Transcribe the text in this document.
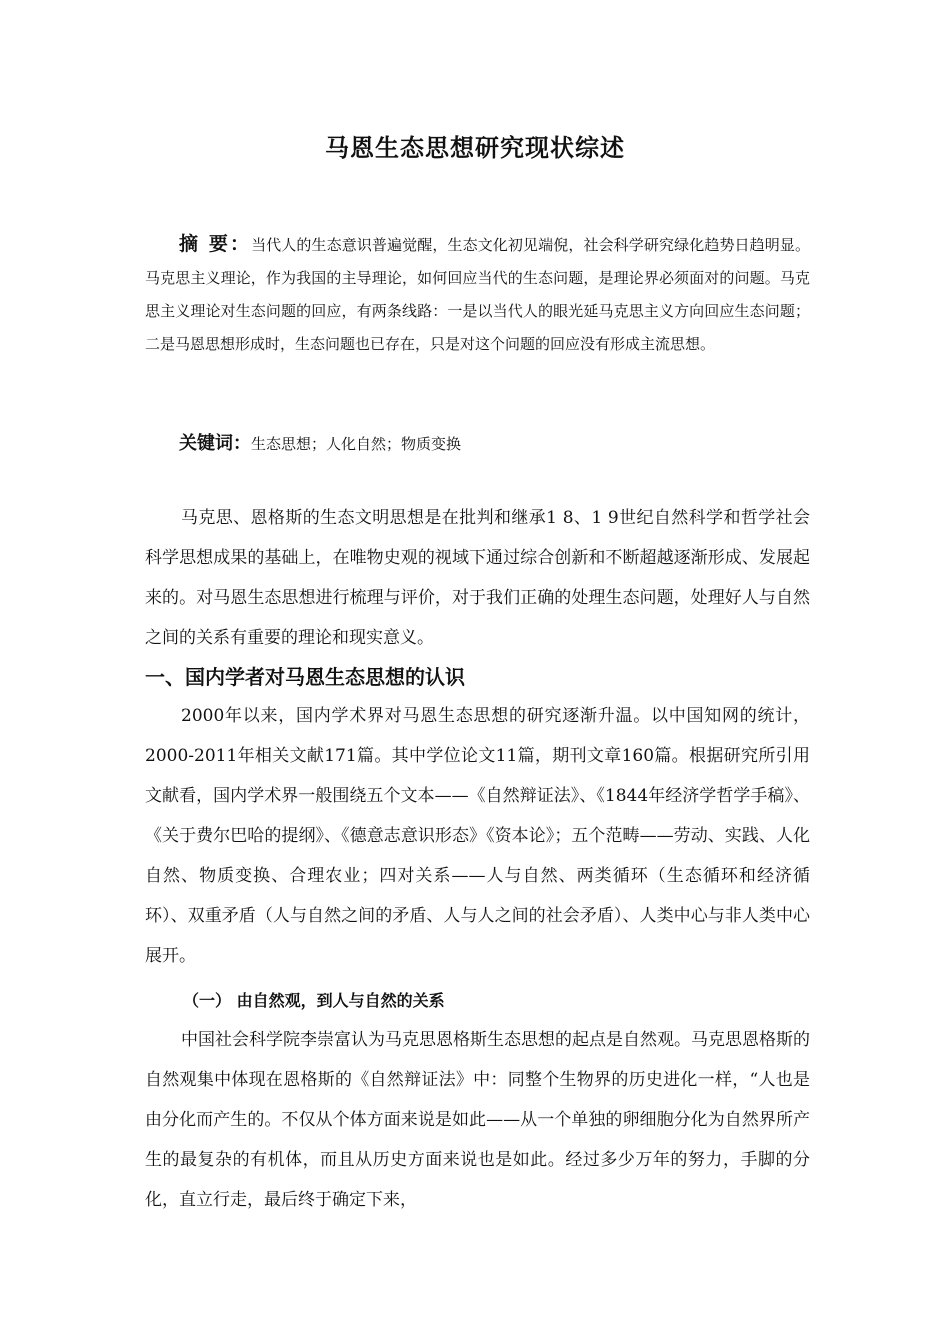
马恩生态思想研究现状综述

摘 要：当代人的生态意识普遍觉醒，生态文化初见端倪，社会科学研究绿化趋势日趋明显。马克思主义理论，作为我国的主导理论，如何回应当代的生态问题，是理论界必须面对的问题。马克思主义理论对生态问题的回应，有两条线路：一是以当代人的眼光延马克思主义方向回应生态问题；二是马恩思想形成时，生态问题也已存在，只是对这个问题的回应没有形成主流思想。

关键词：生态思想；人化自然；物质变换

马克思、恩格斯的生态文明思想是在批判和继承1 8、1 9世纪自然科学和哲学社会科学思想成果的基础上，在唯物史观的视域下通过综合创新和不断超越逐渐形成、发展起来的。对马恩生态思想进行梳理与评价，对于我们正确的处理生态问题，处理好人与自然之间的关系有重要的理论和现实意义。

一、国内学者对马恩生态思想的认识

2000年以来，国内学术界对马恩生态思想的研究逐渐升温。以中国知网的统计，2000-2011年相关文献171篇。其中学位论文11篇，期刊文章160篇。根据研究所引用文献看，国内学术界一般围绕五个文本——《自然辩证法》、《1844年经济学哲学手稿》、《关于费尔巴哈的提纲》、《德意志意识形态》《资本论》；五个范畴——劳动、实践、人化自然、物质变换、合理农业；四对关系——人与自然、两类循环（生态循环和经济循环）、双重矛盾（人与自然之间的矛盾、人与人之间的社会矛盾）、人类中心与非人类中心展开。

（一） 由自然观，到人与自然的关系

中国社会科学院李崇富认为马克思恩格斯生态思想的起点是自然观。马克思恩格斯的自然观集中体现在恩格斯的《自然辩证法》中：同整个生物界的历史进化一样，“人也是由分化而产生的。不仅从个体方面来说是如此——从一个单独的卵细胞分化为自然界所产生的最复杂的有机体，而且从历史方面来说也是如此。经过多少万年的努力，手脚的分化，直立行走，最后终于确定下来，
